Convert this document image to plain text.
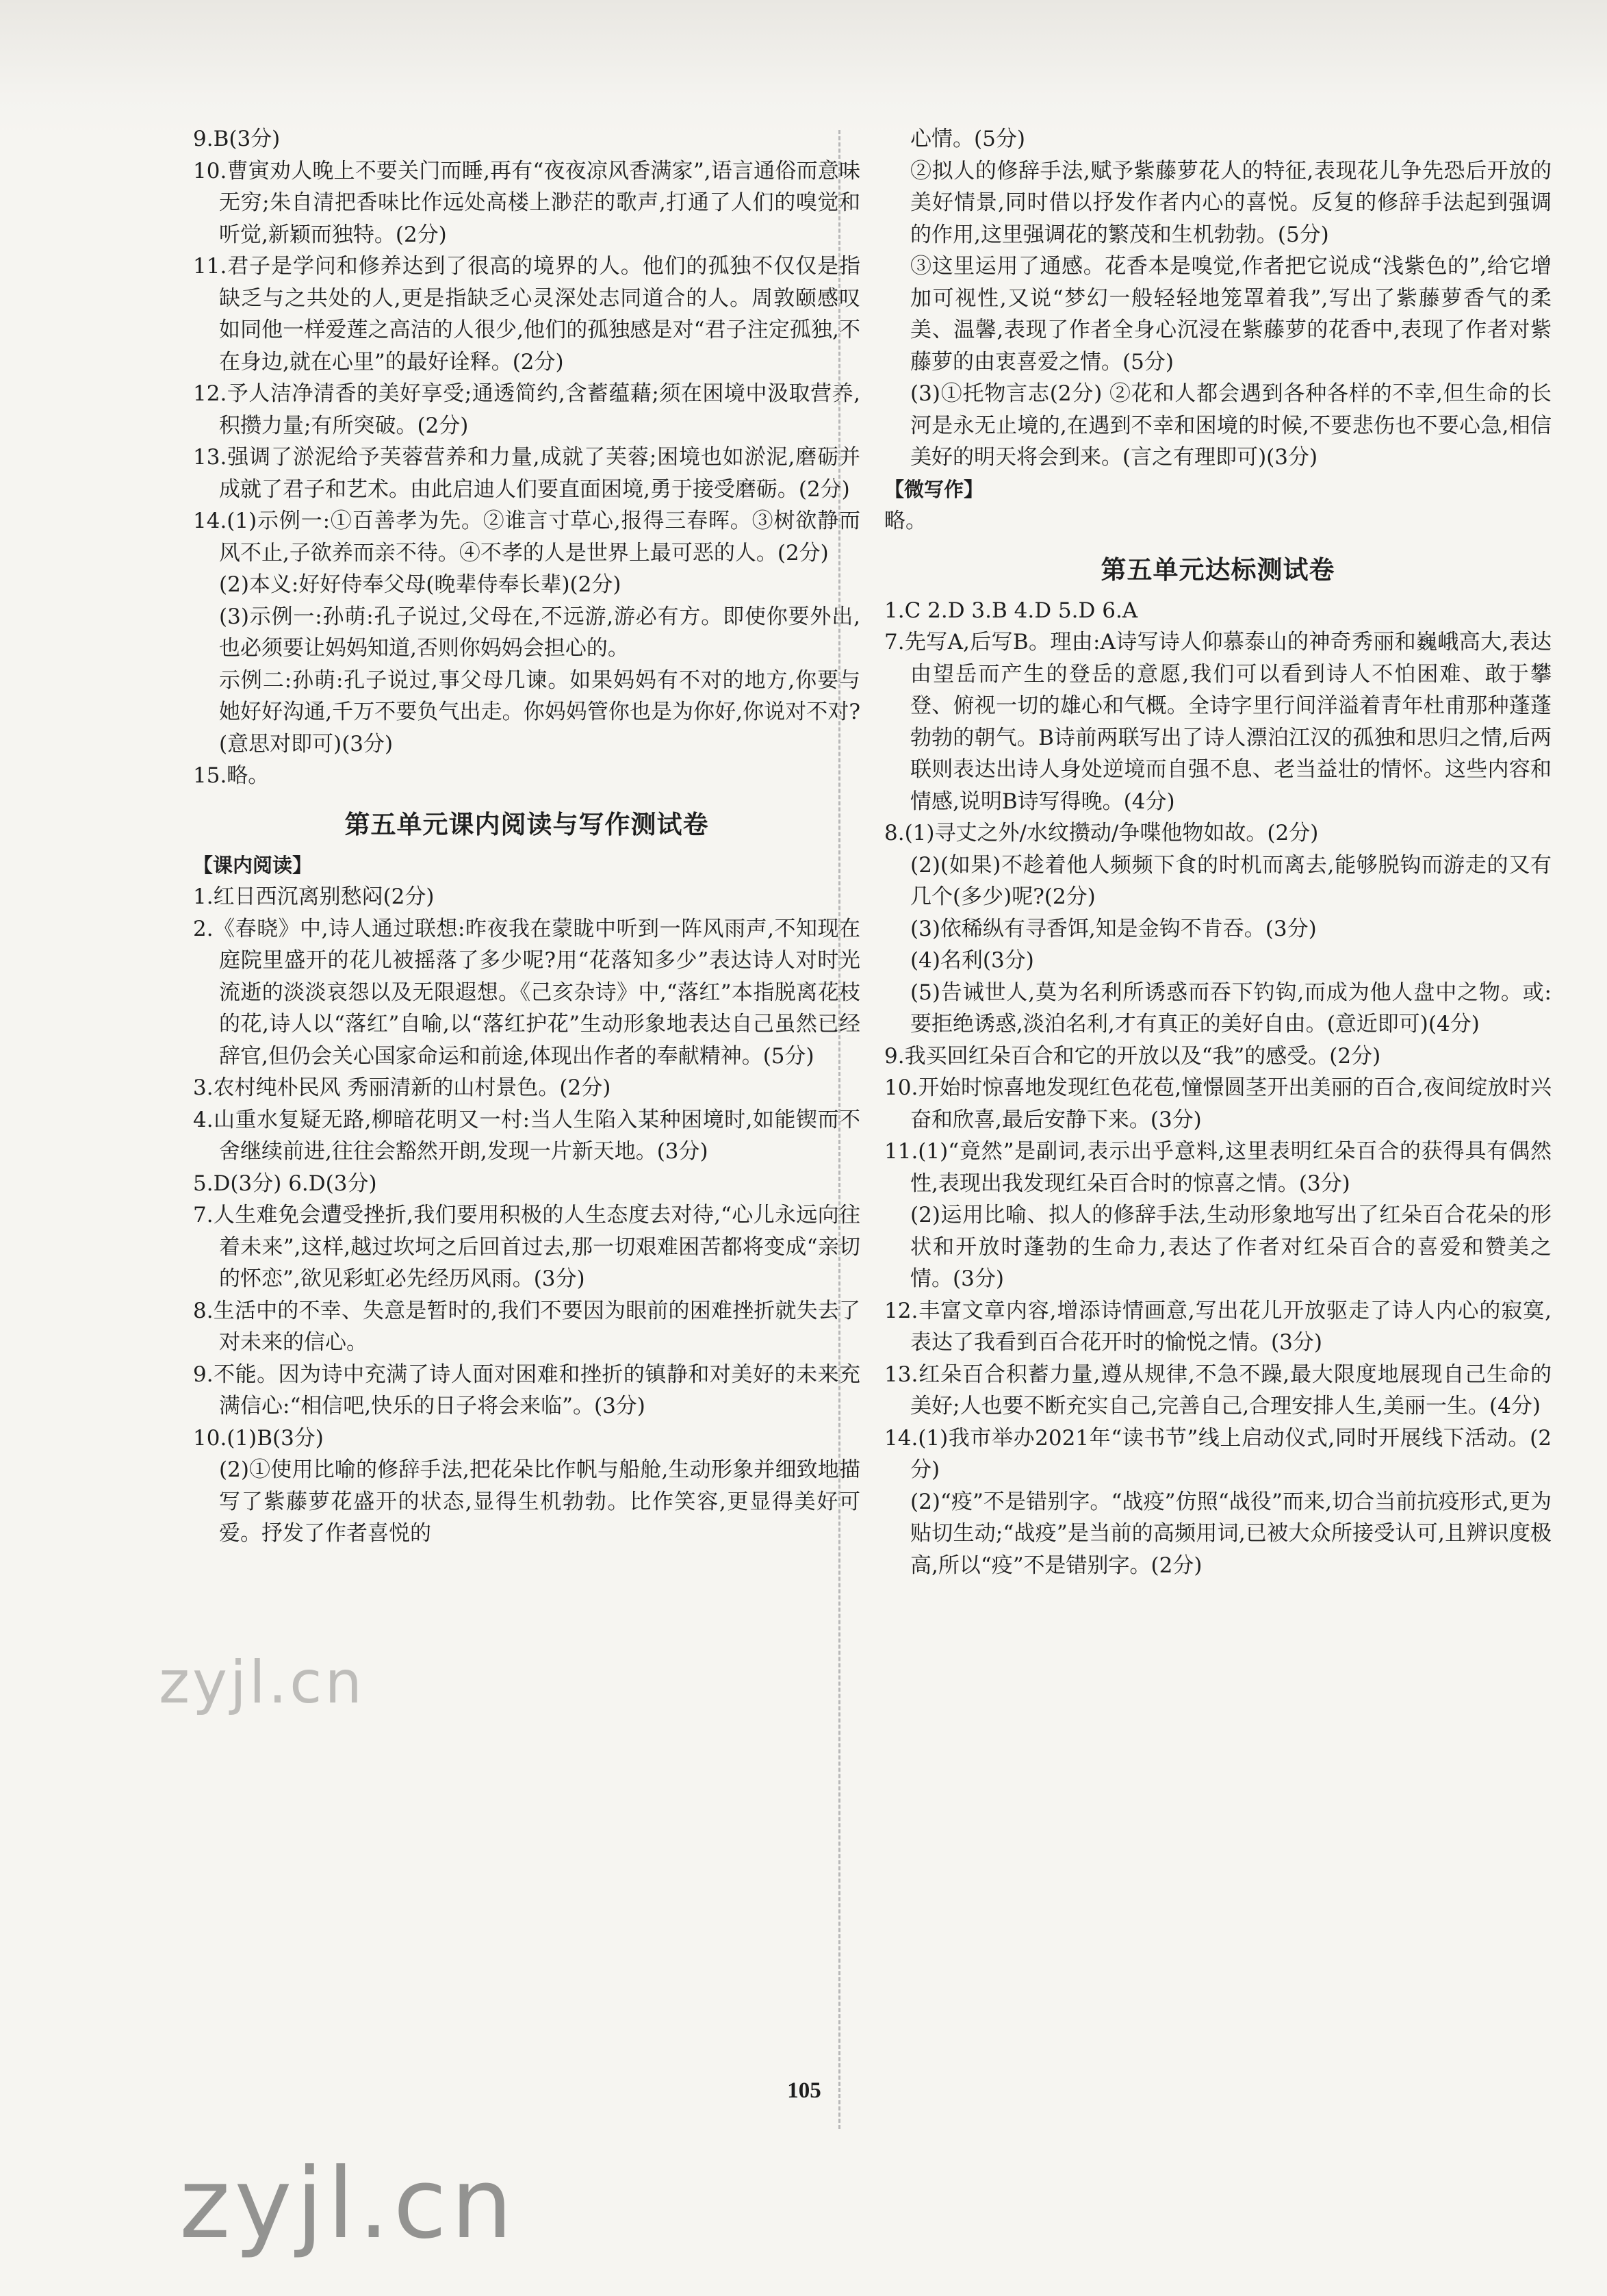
9.B(3分)

10.曹寅劝人晚上不要关门而睡,再有“夜夜凉风香满家”,语言通俗而意味无穷;朱自清把香味比作远处高楼上渺茫的歌声,打通了人们的嗅觉和听觉,新颖而独特。(2分)

11.君子是学问和修养达到了很高的境界的人。他们的孤独不仅仅是指缺乏与之共处的人,更是指缺乏心灵深处志同道合的人。周敦颐感叹如同他一样爱莲之高洁的人很少,他们的孤独感是对“君子注定孤独,不在身边,就在心里”的最好诠释。(2分)

12.予人洁净清香的美好享受;通透简约,含蓄蕴藉;须在困境中汲取营养,积攒力量;有所突破。(2分)

13.强调了淤泥给予芙蓉营养和力量,成就了芙蓉;困境也如淤泥,磨砺并成就了君子和艺术。由此启迪人们要直面困境,勇于接受磨砺。(2分)

14.(1)示例一:①百善孝为先。②谁言寸草心,报得三春晖。③树欲静而风不止,子欲养而亲不待。④不孝的人是世界上最可恶的人。(2分)

(2)本义:好好侍奉父母(晚辈侍奉长辈)(2分)

(3)示例一:孙萌:孔子说过,父母在,不远游,游必有方。即使你要外出,也必须要让妈妈知道,否则你妈妈会担心的。

示例二:孙萌:孔子说过,事父母几谏。如果妈妈有不对的地方,你要与她好好沟通,千万不要负气出走。你妈妈管你也是为你好,你说对不对?(意思对即可)(3分)

15.略。

第五单元课内阅读与写作测试卷

【课内阅读】

1.红日西沉离别愁闷(2分)

2.《春晓》中,诗人通过联想:昨夜我在蒙眬中听到一阵风雨声,不知现在庭院里盛开的花儿被摇落了多少呢?用“花落知多少”表达诗人对时光流逝的淡淡哀怨以及无限遐想。《己亥杂诗》中,“落红”本指脱离花枝的花,诗人以“落红”自喻,以“落红护花”生动形象地表达自己虽然已经辞官,但仍会关心国家命运和前途,体现出作者的奉献精神。(5分)

3.农村纯朴民风 秀丽清新的山村景色。(2分)

4.山重水复疑无路,柳暗花明又一村:当人生陷入某种困境时,如能锲而不舍继续前进,往往会豁然开朗,发现一片新天地。(3分)

5.D(3分) 6.D(3分)

7.人生难免会遭受挫折,我们要用积极的人生态度去对待,“心儿永远向往着未来”,这样,越过坎坷之后回首过去,那一切艰难困苦都将变成“亲切的怀恋”,欲见彩虹必先经历风雨。(3分)

8.生活中的不幸、失意是暂时的,我们不要因为眼前的困难挫折就失去了对未来的信心。

9.不能。因为诗中充满了诗人面对困难和挫折的镇静和对美好的未来充满信心:“相信吧,快乐的日子将会来临”。(3分)

10.(1)B(3分)

(2)①使用比喻的修辞手法,把花朵比作帆与船舱,生动形象并细致地描写了紫藤萝花盛开的状态,显得生机勃勃。比作笑容,更显得美好可爱。抒发了作者喜悦的

心情。(5分)

②拟人的修辞手法,赋予紫藤萝花人的特征,表现花儿争先恐后开放的美好情景,同时借以抒发作者内心的喜悦。反复的修辞手法起到强调的作用,这里强调花的繁茂和生机勃勃。(5分)

③这里运用了通感。花香本是嗅觉,作者把它说成“浅紫色的”,给它增加可视性,又说“梦幻一般轻轻地笼罩着我”,写出了紫藤萝香气的柔美、温馨,表现了作者全身心沉浸在紫藤萝的花香中,表现了作者对紫藤萝的由衷喜爱之情。(5分)

(3)①托物言志(2分) ②花和人都会遇到各种各样的不幸,但生命的长河是永无止境的,在遇到不幸和困境的时候,不要悲伤也不要心急,相信美好的明天将会到来。(言之有理即可)(3分)

【微写作】

略。

第五单元达标测试卷

1.C 2.D 3.B 4.D 5.D 6.A

7.先写A,后写B。理由:A诗写诗人仰慕泰山的神奇秀丽和巍峨高大,表达由望岳而产生的登岳的意愿,我们可以看到诗人不怕困难、敢于攀登、俯视一切的雄心和气概。全诗字里行间洋溢着青年杜甫那种蓬蓬勃勃的朝气。B诗前两联写出了诗人漂泊江汉的孤独和思归之情,后两联则表达出诗人身处逆境而自强不息、老当益壮的情怀。这些内容和情感,说明B诗写得晚。(4分)

8.(1)寻丈之外/水纹攒动/争喋他物如故。(2分)

(2)(如果)不趁着他人频频下食的时机而离去,能够脱钩而游走的又有几个(多少)呢?(2分)

(3)依稀纵有寻香饵,知是金钩不肯吞。(3分)

(4)名利(3分)

(5)告诫世人,莫为名利所诱惑而吞下钓钩,而成为他人盘中之物。或:要拒绝诱惑,淡泊名利,才有真正的美好自由。(意近即可)(4分)

9.我买回红朵百合和它的开放以及“我”的感受。(2分)

10.开始时惊喜地发现红色花苞,憧憬圆茎开出美丽的百合,夜间绽放时兴奋和欣喜,最后安静下来。(3分)

11.(1)“竟然”是副词,表示出乎意料,这里表明红朵百合的获得具有偶然性,表现出我发现红朵百合时的惊喜之情。(3分)

(2)运用比喻、拟人的修辞手法,生动形象地写出了红朵百合花朵的形状和开放时蓬勃的生命力,表达了作者对红朵百合的喜爱和赞美之情。(3分)

12.丰富文章内容,增添诗情画意,写出花儿开放驱走了诗人内心的寂寞,表达了我看到百合花开时的愉悦之情。(3分)

13.红朵百合积蓄力量,遵从规律,不急不躁,最大限度地展现自己生命的美好;人也要不断充实自己,完善自己,合理安排人生,美丽一生。(4分)

14.(1)我市举办2021年“读书节”线上启动仪式,同时开展线下活动。(2分)

(2)“疫”不是错别字。“战疫”仿照“战役”而来,切合当前抗疫形式,更为贴切生动;“战疫”是当前的高频用词,已被大众所接受认可,且辨识度极高,所以“疫”不是错别字。(2分)

105
zyjl.cn
zyjl.cn
